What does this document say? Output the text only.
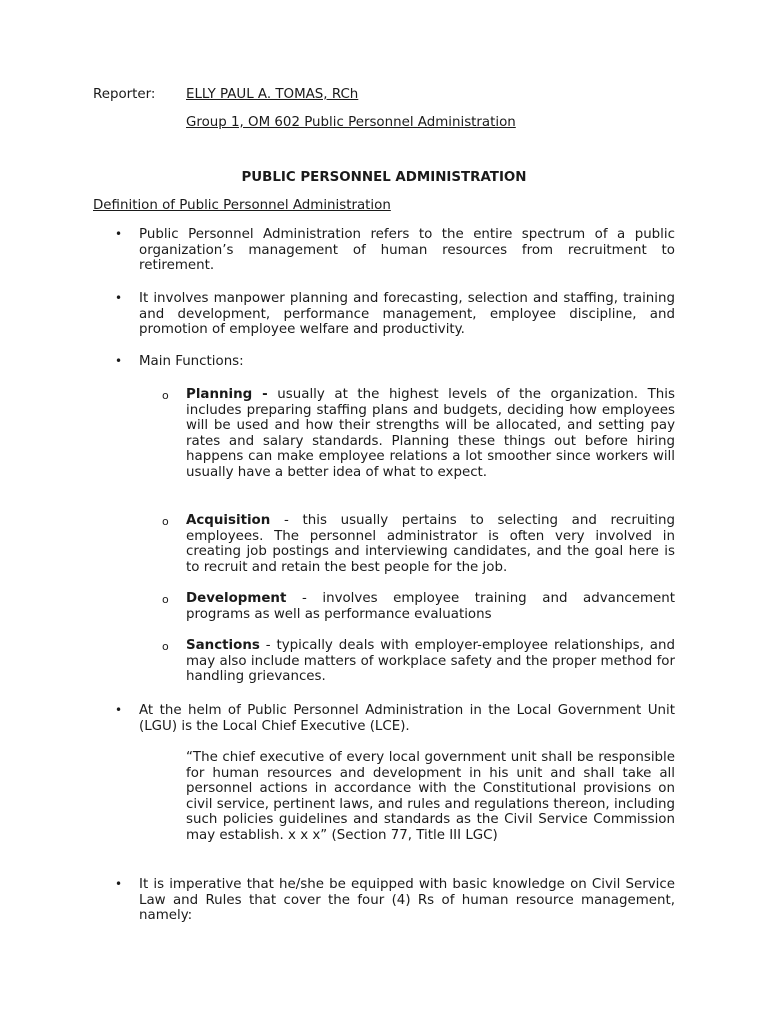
Reporter: ELLY PAUL A. TOMAS, RCh
Group 1, OM 602 Public Personnel Administration
PUBLIC PERSONNEL ADMINISTRATION
Definition of Public Personnel Administration
• Public Personnel Administration refers to the entire spectrum of a public organization’s management of human resources from recruitment to retirement.
• It involves manpower planning and forecasting, selection and staffing, training and development, performance management, employee discipline, and promotion of employee welfare and productivity.
• Main Functions:
o Planning - usually at the highest levels of the organization. This includes preparing staffing plans and budgets, deciding how employees will be used and how their strengths will be allocated, and setting pay rates and salary standards. Planning these things out before hiring happens can make employee relations a lot smoother since workers will usually have a better idea of what to expect.
o Acquisition - this usually pertains to selecting and recruiting employees. The personnel administrator is often very involved in creating job postings and interviewing candidates, and the goal here is to recruit and retain the best people for the job.
o Development - involves employee training and advancement programs as well as performance evaluations
o Sanctions - typically deals with employer-employee relationships, and may also include matters of workplace safety and the proper method for handling grievances.
• At the helm of Public Personnel Administration in the Local Government Unit (LGU) is the Local Chief Executive (LCE).
“The chief executive of every local government unit shall be responsible for human resources and development in his unit and shall take all personnel actions in accordance with the Constitutional provisions on civil service, pertinent laws, and rules and regulations thereon, including such policies guidelines and standards as the Civil Service Commission may establish. x x x” (Section 77, Title III LGC)
• It is imperative that he/she be equipped with basic knowledge on Civil Service Law and Rules that cover the four (4) Rs of human resource management, namely:
